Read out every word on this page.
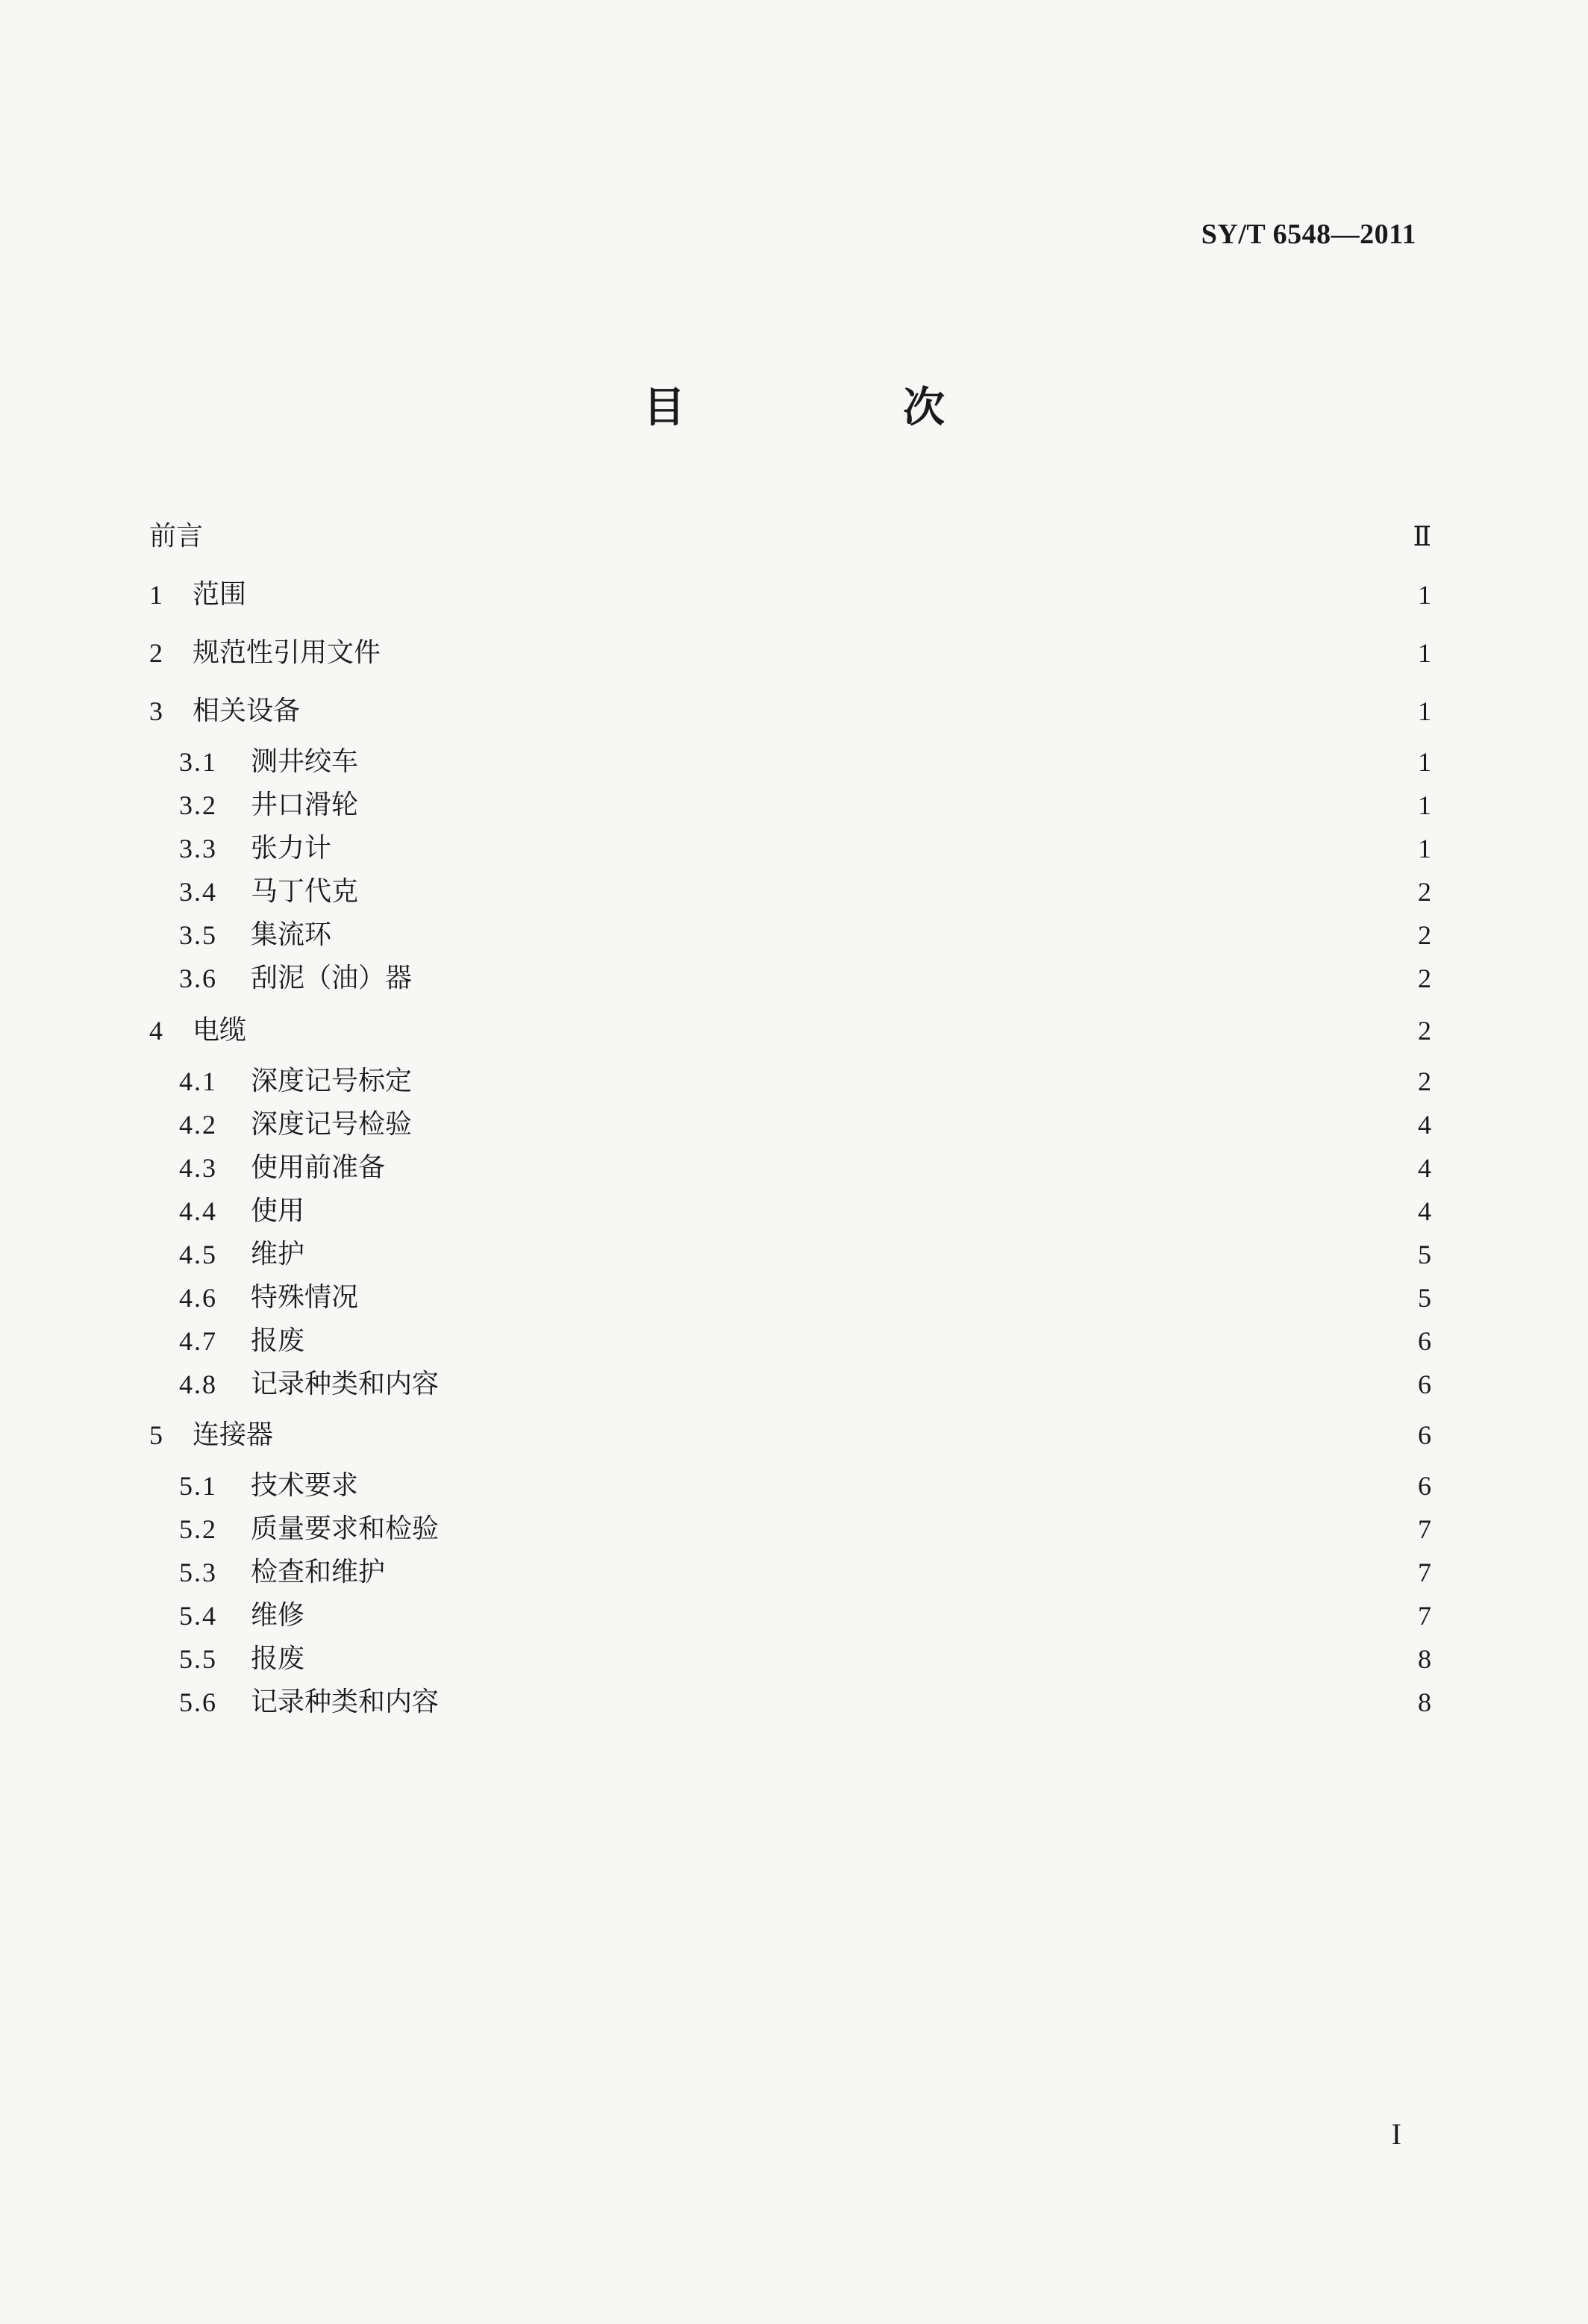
SY/T 6548—2011
目　次
前言	Ⅱ
1	范围	1
2	规范性引用文件	1
3	相关设备	1
3.1	测井绞车	1
3.2	井口滑轮	1
3.3	张力计	1
3.4	马丁代克	2
3.5	集流环	2
3.6	刮泥（油）器	2
4	电缆	2
4.1	深度记号标定	2
4.2	深度记号检验	4
4.3	使用前准备	4
4.4	使用	4
4.5	维护	5
4.6	特殊情况	5
4.7	报废	6
4.8	记录种类和内容	6
5	连接器	6
5.1	技术要求	6
5.2	质量要求和检验	7
5.3	检查和维护	7
5.4	维修	7
5.5	报废	8
5.6	记录种类和内容	8
I
